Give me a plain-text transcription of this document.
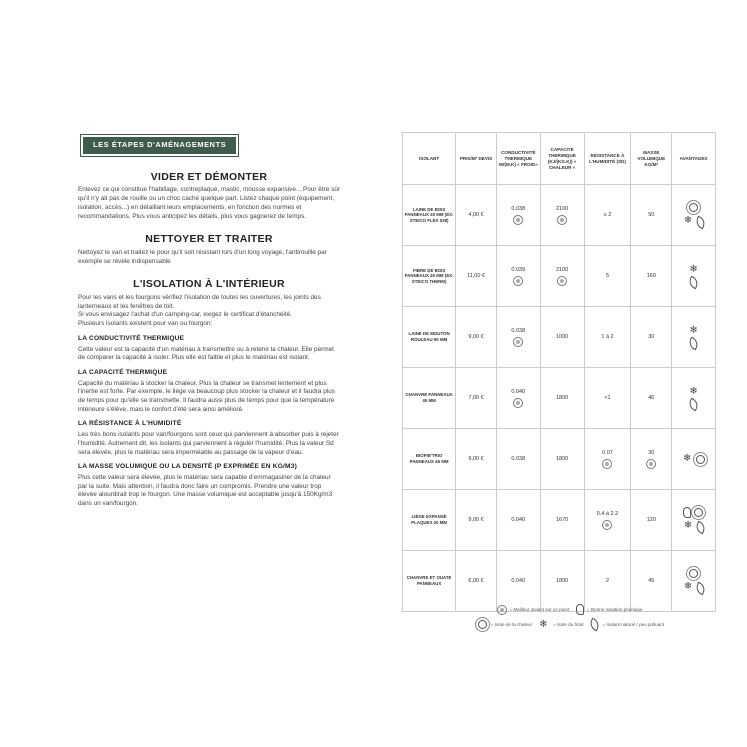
LES ÉTAPES D'AMÉNAGEMENTS
VIDER ET DÉMONTER

Enlevez ce qui constitue l'habillage, contreplaqué, mastic, mousse expansive... Pour être sûr qu'il n'y ait pas de rouille ou un choc caché quelque part. Listez chaque point (équipement, isolation, accès...) en détaillant leurs emplacements, en fonction des normes et recommandations. Plus vous anticipez les détails, plus vous gagnerez de temps.

NETTOYER ET TRAITER

Nettoyez le van et traitez le pour qu'il soit résistant lors d'un long voyage, l'antirouille par exemple se révèle indispensable

L'ISOLATION À L'INTÉRIEUR

Pour les vans et les fourgons vérifiez l'isolation de toutes les ouvertures, les joints des lanterneaux et les fenêtres de toit.

Si vous envisagez l'achat d'un camping-car, exigez le certificat d'étanchéité.

Plusieurs isolants existent pour van ou fourgon:

LA CONDUCTIVITÉ THERMIQUE

Cette valeur est la capacité d'un matériau à transmettre ou à retenir la chaleur. Elle permet de comparer la capacité à isoler. Plus elle est faible et plus le matériau est isolant.

LA CAPACITÉ THERMIQUE

Capacité du matériau à stocker la chaleur. Plus la chaleur se transmet lentement et plus l'inertie est forte. Par exemple, le liège va beaucoup plus stocker la chaleur et il faudra plus de temps pour qu'elle se transmette. Il faudra aussi plus de temps pour que la température intérieure s'élève, mais le confort d'été sera ainsi amélioré.

LA RÉSISTANCE À L'HUMIDITÉ

Les très bons isolants pour van/fourgons sont ceux qui parviennent à absorber puis à rejeter l'humidité. Autrement dit, les isolants qui parviennent à réguler l'humidité. Plus la valeur Sd sera élevée, plus le matériau sera imperméable au passage de la vapeur d'eau.

LA MASSE VOLUMIQUE OU LA DENSITÉ (P EXPRIMÉE EN KG/M3)

Plus cette valeur sera élevée, plus le matériau sera capable d'emmagasiner de la chaleur par la suite. Mais attention, il faudra donc faire un compromis. Prendre une valeur trop élevée alourdirait trop le fourgon. Une masse volumique est acceptable jusqu'à 150Kg/m3 dans un van/fourgon.

ISOLANT	PRIX/M² DEVIS	CONDUCTIVITÉ THERMIQUE W/(M.K) « FROID»	CAPACITÉ THERMIQUE (KJ/(KG.K)) « CHALEUR »	RÉSISTANCE À L'HUMIDITÉ (SD)	MASSE VOLUMIQUE KG/M³	AVANTAGES
LAINE DE BOIS PANNEAUX 40 MM (EX: STEICO FLEX 038)	4,00 €	0.038	2100	≤ 2	50	❄
FIBRE DE BOIS PANNEAUX 40 MM (EX: STEICO THERM)	11,00 €	0.039	2100	5	160	❄

LAINE DE MOUTON ROULEAU 50 MM	9,00 €	0.038	1000	1 à 2	30	❄

CHANVRE PANNEAUX 45 MM	7,00 €	0.040	1800	<1	40	❄

BIOFIB'TRIO PANNEAUX 45 MM	9,00 €	0.038	1800	0.07	30	❄
LIÈGE EXPANSÉ PLAQUES 20 MM	9,00 €	0.040	1670	0.4 à 2.2	120	❄
CHANVRE ET OUATE PANNEAUX	6,00 €	0.040	1800	2	45	❄
= Meilleur isolant sur ce point	= Bonne isolation phonique
= Isole de la chaleur ❄	= Isole du froid	= Isolant naturel / peu polluant
